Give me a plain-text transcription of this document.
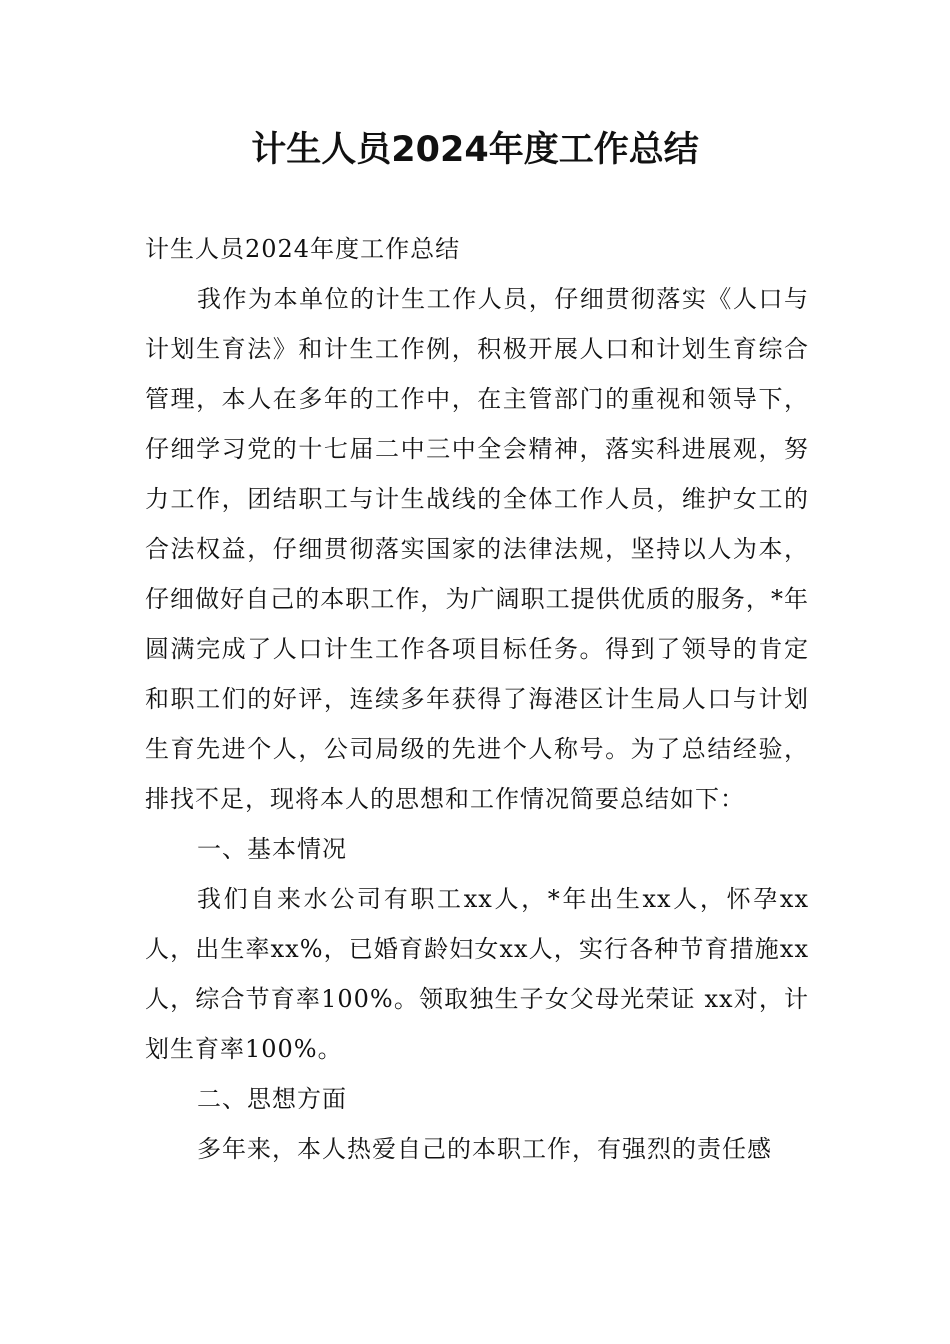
计生人员2024年度工作总结

计生人员2024年度工作总结

我作为本单位的计生工作人员，仔细贯彻落实《人口与计划生育法》和计生工作例，积极开展人口和计划生育综合管理，本人在多年的工作中，在主管部门的重视和领导下，仔细学习党的十七届二中三中全会精神，落实科进展观，努力工作，团结职工与计生战线的全体工作人员，维护女工的合法权益，仔细贯彻落实国家的法律法规，坚持以人为本，仔细做好自己的本职工作，为广阔职工提供优质的服务，*年圆满完成了人口计生工作各项目标任务。得到了领导的肯定和职工们的好评，连续多年获得了海港区计生局人口与计划生育先进个人，公司局级的先进个人称号。为了总结经验，排找不足，现将本人的思想和工作情况简要总结如下：

一、基本情况

我们自来水公司有职工xx人，*年出生xx人，怀孕xx人，出生率xx%，已婚育龄妇女xx人，实行各种节育措施xx人，综合节育率100%。领取独生子女父母光荣证 xx对，计划生育率100%。

二、思想方面

多年来，本人热爱自己的本职工作，有强烈的责任感
